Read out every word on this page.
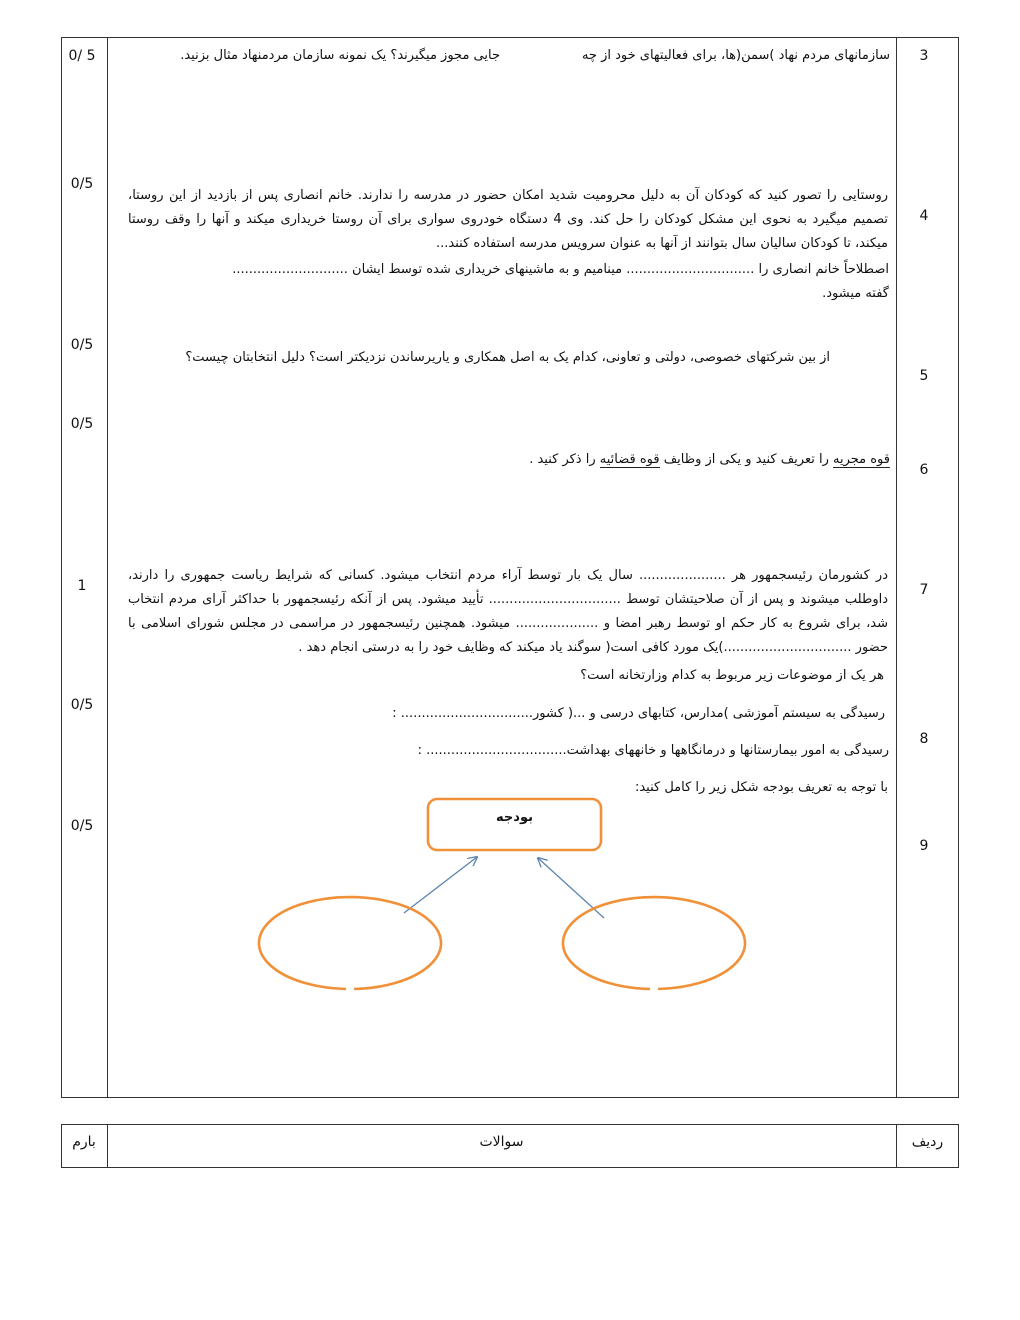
3
0/ 5	سازمانهای مردم نهاد )سمن(ها، برای فعالیتهای خود از چه
جایی مجوز میگیرند؟ یک نمونه سازمان مردمنهاد مثال بزنید.
4
0/5
روستایی را تصور کنید که کودکان آن به دلیل محرومیت شدید امکان حضور در مدرسه را ندارند. خانم انصاری پس از بازدید از این روستا، تصمیم میگیرد به نحوی این مشکل کودکان را حل کند. وی 4 دستگاه خودروی سواری برای آن روستا خریداری میکند و آنها را وقف روستا میکند، تا کودکان سالیان سال بتوانند از آنها به عنوان سرویس مدرسه استفاده کنند...
اصطلاحاً خانم انصاری را ............................... مینامیم و به ماشینهای خریداری شده توسط ایشان ............................
گفته میشود.
5
0/5
از بین شرکتهای خصوصی، دولتی و تعاونی، کدام یک به اصل همکاری و یاریرساندن نزدیکتر است؟ دلیل انتخابتان چیست؟
6
0/5
قوه مجریه را تعریف کنید و یکی از وظایف قوه قضائیه را ذکر کنید .
7
1
در کشورمان رئیسجمهور هر ..................... سال یک بار توسط آراء مردم انتخاب میشود. کسانی که شرایط ریاست جمهوری را دارند، داوطلب میشوند و پس از آن صلاحیتشان توسط ................................ تأیید میشود. پس از آنکه رئیسجمهور با حداکثر آرای مردم انتخاب شد، برای شروع به کار حکم او توسط رهبر امضا و .................... میشود. همچنین رئیسجمهور در مراسمی در مجلس شورای اسلامی با حضور ...............................)یک مورد کافی است( سوگند یاد میکند که وظایف خود را به درستی انجام دهد .
8
0/5
هر یک از موضوعات زیر مربوط به کدام وزارتخانه است؟
رسیدگی به سیستم آموزشی )مدارس، کتابهای درسی و ...( کشور................................ :
رسیدگی به امور بیمارستانها و درمانگاهها و خانههای بهداشت.................................. :
9
0/5
با توجه به تعریف بودجه شکل زیر را کامل کنید:
بودجه
ردیف
سوالات
بارم
